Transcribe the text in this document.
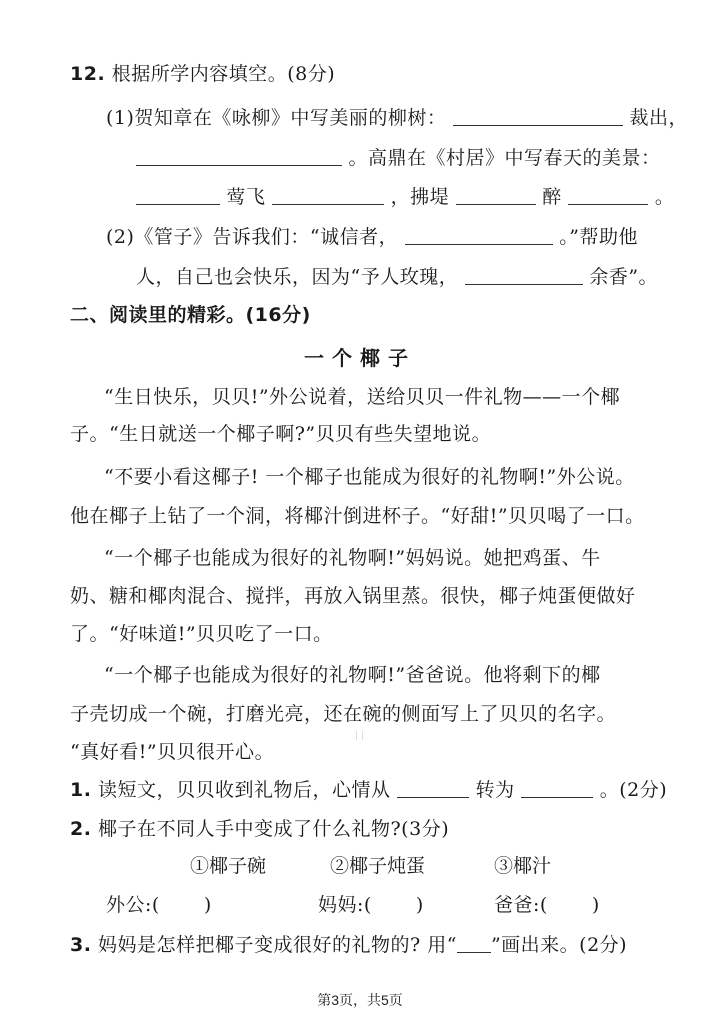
12. 根据所学内容填空。(8分)
(1)贺知章在《咏柳》中写美丽的柳树：	裁出，
。高鼎在《村居》中写春天的美景：
莺飞	，拂堤	醉	。
(2)《管子》告诉我们：“诚信者，	。”帮助他
人，自己也会快乐，因为“予人玫瑰，	余香”。
二、阅读里的精彩。(16分)
一个椰子
“生日快乐，贝贝!”外公说着，送给贝贝一件礼物——一个椰
子。“生日就送一个椰子啊?”贝贝有些失望地说。
“不要小看这椰子! 一个椰子也能成为很好的礼物啊!”外公说。
他在椰子上钻了一个洞，将椰汁倒进杯子。“好甜!”贝贝喝了一口。
“一个椰子也能成为很好的礼物啊!”妈妈说。她把鸡蛋、牛
奶、糖和椰肉混合、搅拌，再放入锅里蒸。很快，椰子炖蛋便做好
了。“好味道!”贝贝吃了一口。
“一个椰子也能成为很好的礼物啊!”爸爸说。他将剩下的椰
子壳切成一个碗，打磨光亮，还在碗的侧面写上了贝贝的名字。
“真好看!”贝贝很开心。
1. 读短文，贝贝收到礼物后，心情从	转为	。(2分)
2. 椰子在不同人手中变成了什么礼物?(3分)
①椰子碗	②椰子炖蛋	③椰汁
外公:( )	妈妈:( )	爸爸:( )
3. 妈妈是怎样把椰子变成很好的礼物的? 用“ ”画出来。(2分)
第3页，共5页
